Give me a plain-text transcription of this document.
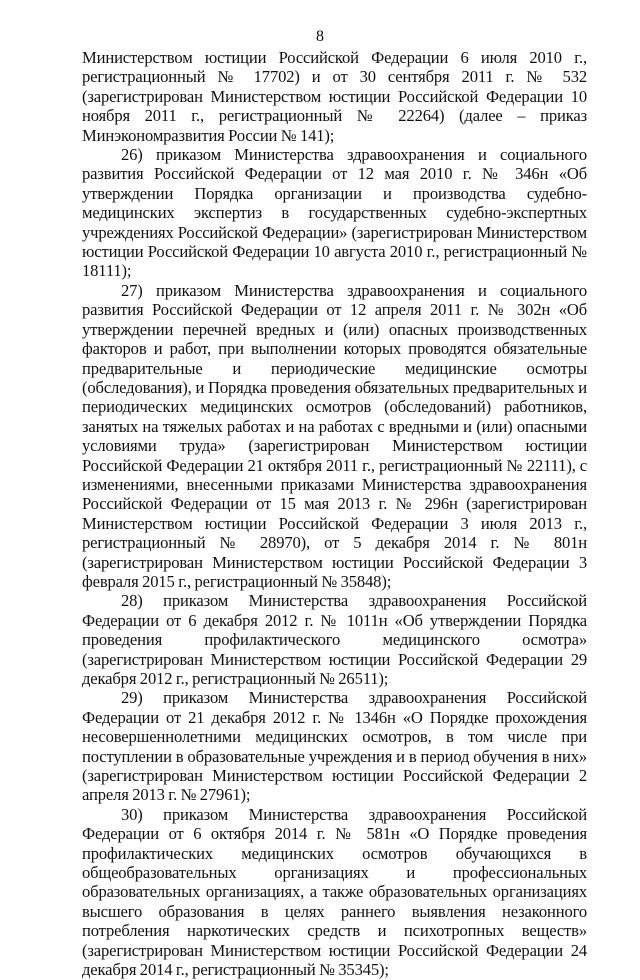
8

Министерством юстиции Российской Федерации 6 июля 2010 г., регистрационный № 17702) и от 30 сентября 2011 г. № 532 (зарегистрирован Министерством юстиции Российской Федерации 10 ноября 2011 г., регистрационный № 22264) (далее – приказ Минэкономразвития России № 141);

26) приказом Министерства здравоохранения и социального развития Российской Федерации от 12 мая 2010 г. № 346н «Об утверждении Порядка организации и производства судебно-медицинских экспертиз в государственных судебно-экспертных учреждениях Российской Федерации» (зарегистрирован Министерством юстиции Российской Федерации 10 августа 2010 г., регистрационный № 18111);

27) приказом Министерства здравоохранения и социального развития Российской Федерации от 12 апреля 2011 г. № 302н «Об утверждении перечней вредных и (или) опасных производственных факторов и работ, при выполнении которых проводятся обязательные предварительные и периодические медицинские осмотры (обследования), и Порядка проведения обязательных предварительных и периодических медицинских осмотров (обследований) работников, занятых на тяжелых работах и на работах с вредными и (или) опасными условиями труда» (зарегистрирован Министерством юстиции Российской Федерации 21 октября 2011 г., регистрационный № 22111), с изменениями, внесенными приказами Министерства здравоохранения Российской Федерации от 15 мая 2013 г. № 296н (зарегистрирован Министерством юстиции Российской Федерации 3 июля 2013 г., регистрационный № 28970), от 5 декабря 2014 г. № 801н (зарегистрирован Министерством юстиции Российской Федерации 3 февраля 2015 г., регистрационный № 35848);

28) приказом Министерства здравоохранения Российской Федерации от 6 декабря 2012 г. № 1011н «Об утверждении Порядка проведения профилактического медицинского осмотра» (зарегистрирован Министерством юстиции Российской Федерации 29 декабря 2012 г., регистрационный № 26511);

29) приказом Министерства здравоохранения Российской Федерации от 21 декабря 2012 г. № 1346н «О Порядке прохождения несовершеннолетними медицинских осмотров, в том числе при поступлении в образовательные учреждения и в период обучения в них» (зарегистрирован Министерством юстиции Российской Федерации 2 апреля 2013 г. № 27961);

30) приказом Министерства здравоохранения Российской Федерации от 6 октября 2014 г. № 581н «О Порядке проведения профилактических медицинских осмотров обучающихся в общеобразовательных организациях и профессиональных образовательных организациях, а также образовательных организациях высшего образования в целях раннего выявления незаконного потребления наркотических средств и психотропных веществ» (зарегистрирован Министерством юстиции Российской Федерации 24 декабря 2014 г., регистрационный № 35345);
